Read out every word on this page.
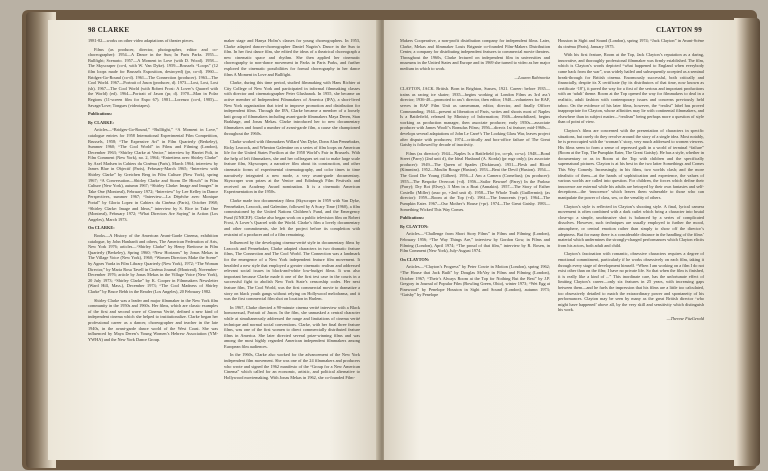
98 CLARKE

1981-82—works on other video adaptations of theater pieces.

Films (as producer, director, photographer, editor and co-choreographer): 1954—A Dance in the Sun; In Paris Parks. 1955—Bullfight; Scenario. 1957—A Moment in Love (with D. Wood). 1958—The Skyscraper (co-d, with W. Van Dyke). 1959—Brussels “Loops” (12 film loops made for Brussels Exposition, destroyed) (pr, co-d). 1960—Bridges-Go-Round (co-d). 1961—The Connection (producer). 1963—The Cool World. 1967—Portrait of Jason (producer, d). 1973—Lost, Lost, Lost (sh). 1967—The Cool World (with Robert Frost: A Lover’s Quarrel with the World) (ed). 1964—Portrait of Jason (pr, d). 1970—Man in Polar Regions (11-screen film for Expo 67). 1981—Lorenzo (co-d, 1985)—Savage/Love; Tongues (videotapes).

Publications:

By CLARKE:

Articles—“Bridges-Go-Round,” “Bullfight,” “A Moment in Love,” catalogue entries for 1958 International Experimental Film Competition, Brussels, 1958; “The Expensive Art” in Film Quarterly (Berkeley), Summer 1960; “The Cool World” in Films and Filming (London), December 1963; “Shirley Clarke at Venice,” interview by Harriet Polt, in Film Comment (New York), no. 2, 1964; “Entretiens avec Shirley Clarke” by Axel Madsen in Cahiers du Cinéma (Paris), March 1964; interview by James Blue in Objectif (Paris), February-March 1965; “Interview with Shirley Clarke” by Gretchen Berg in Film Culture (New York), spring 1967; “A Conversation—Shirley Clarke and Storm De Hirsch” in Film Culture (New York), autumn 1967; “Shirley Clarke: Image and Images” in Take One (Montreal), February 1972; “Interview” by Lee Kelley in Dance Perspectives, summer 1967; “Interview—La Dépêche avec Monique Portal” by Gloria Lopez in Cahiers du Cinéma (Paris), October 1968; “Shirley Clarke: Image and Ideas,” interview by S. Rice in Take One (Montreal), February 1972; “What Directors Are Saying” in Action (Los Angeles), March 1973.

On CLARKE:

Books—A History of the American Avant-Garde Cinema, exhibition catalogue, by John Hanhardt and others, The American Federation of Arts, New York 1976; articles—“Shirley Clarke” by Henry Breitrose in Film Quarterly (Berkeley), Spring 1960; “New Horizons” by Jonas Mekas in The Village Voice (New York), 1960; “Women Directors Make the Scene” by Agnes Varda in Film Library Quarterly (New York), 1972; “The Woman Director,” by Maria Rosa Tavell in Cinéma Journal (Montreal), November-December 1976; article by Jonas Mekas in the Village Voice (New York), 20 July 1973; “Shirley Clarke” by K. Cooper in Filmmakers Newsletter (Ward Hill, Mass.), December 1973; “The Cool Madness of Shirley Clarke” by Bruce Bebb in the Reader (Los Angeles), 20 February 1982.

Shirley Clarke was a leader and major filmmaker in the New York film community in the 1950s and 1960s. Her films, which are classic examples of the first and second wave of Cinema Verité, defined a new kind of independent cinema which she helped to institutionalize. Clarke began her professional career as a dancer, choreographer and teacher in the late 1940s, in the avant-garde dance world of the West Coast. She was influenced by Maya Deren’s Young Women’s Hebrew Association (YM-YWHA) and the New York Dance Group.

maker stage and Hanya Holm’s classes for young choreographers. In 1953, Clarke adapted dancer-choreographer Daniel Nagrin’s Dance in the Sun to film. In her first dance film, she edited the ideas of a theatrical choreograph a new cinematic space and rhythm. She then applied her cinematic choreography to non-dance movement in Parks in Paris Parks, and further explored the cinematic possibilities for formal choreography in her dance films A Moment in Love and Bullfight.

Clarke, during this time period, studied filmmaking with Hans Richter at City College of New York and participated in informal filmmaking classes with director and cinematographer Peter Glushanok. In 1955, she became an active member of Independent Filmmakers of America (IFA), a short-lived New York organization that tried to improve promotion and distribution for independent films. Through the IFA, Clarke became a member of a loosely knit group of filmmakers including avant-garde filmmakers Maya Deren, Stan Brakhage, and Jonas Mekas. Clarke introduced her to new documentary filmmakers and found a number of avant-garde film, a cause she championed throughout the 1960s.

Clarke worked with filmmakers Willard Van Dyke, Donn Alan Pennebaker, Ricky Leacock, and Wheaton Galentine on a series of film loops on American life for the United States Pavilion at the 1958 World’s Fair in Brussels. With the help of left filmmakers, she and her colleagues set out to make large scale feature film, Skyscraper, a narrative film about its construction, and other cinematic forms of experimental cinematography, and color times to time narratively integrated a new mode, a very avant-garde documentary. Skyscraper won prizes at the Venice and Edinburgh Film Festivals and received an Academy Award nomination. It is a cinematic American Experimentation in the 1950s.

Clarke made two documentary films (Skyscraper in 1959 with Van Dyke, Pennebaker, Leacock, and Galentine, followed by A Scary Time (1960), a film commissioned by the United Nations Children’s Fund, and the Emergency Fund (UNICEF). Clarke also began work on a public television film on Robert Frost, A Lover’s Quarrel with the World. Clarke’s film a lovely documentary and other commitments, she left the project before its completion with restraint of a producer and of a film remaining.

Influenced by the developing cinema-verité style in documentary films by Leacock and Pennebaker, Clarke adapted characters in two dramatic feature films, The Connection and The Cool World. The Connection was a landmark for the emergence of a New York independent feature film movement. It heralded a new style that employed a greater cinematic realism and addressed relevant social issues in black-and-white low-budget films. It was also important because Clarke made it one of the first test case in the courts in a successful fight to abolish New York State’s censorship codes. Her next feature film, The Cool World, was the first commercial movie to dramatize a story on black youth gangs without relying on Hollywood melodrama, and it was the first commercial film shot on location in Harlem.

In 1967, Clarke directed a 90-minute cinema verité interview with a Black homosexual, Portrait of Jason. In the film, she unmasked a central character while at simultaneously addressed the range and limitations of cinema verité technique and normal social conventions. Clarke, with her final three feature films, was one of the first women to direct commercially distributed feature films in America. She later directed several prize-winning films and was among the most highly regarded American independent filmmakers among European film audiences.

In the 1960s, Clarke also worked for the advancement of the New York independent film movement. She was one of the 24 filmmakers and producers who wrote and signed the 1962 manifesto of the “Group for a New American Cinema” which called for an economic, artistic, and political alternative to Hollywood moviemaking. With Jonas Mekas in 1962, she co-founded Film-

CLAYTON 99

Makers Cooperative, a non-profit distribution company for independent films. Later, Clarke, Mekas and filmmaker Louis Brigante co-founded Film-Makers Distribution Center, a company for distributing independent features to commercial movie theaters. Throughout the 1960s, Clarke lectured on independent film in universities and museums in the United States and Europe and in 1969 she turned to video as her major medium in which to work.

—Lauren Rabinovitz

CLAYTON, JACK. British. Born in Brighton, Sussex, 1921. Career: before 1935—trains as racing ice skater; 1935—begins working at London Films as 3rd ass’t director; 1936-40—promoted to ass’t director, then editor; 1940—volunteers for RAF, serves in RAF Film Unit as cameraman, editor, director, and finally Officer Commanding; 1944—present at liberation of Paris, writes and shoots most of Naples Is a Battlefield, released by Ministry of Information; 1946—demobilized, begins working as production manager, then associate producer; early 1950s—associate producer with James Woolf’s Romulus Films; 1956—directs 1st feature; mid-1960s—develops several adaptations of John Le Carré’s The Looking Glass War, leaves project after dispute with producers; 1974—critically and box-office failure of The Great Gatsby is followed by decade of inactivity.

Films (as director): 1944—Naples Is a Battlefield (ro, co-ph, co-sc). 1948—Bond Street (Parry) (2nd unit d), the Ideal Husband (A. Korda) (pr mgr only); (as associate producer): 1949—The Queen of Spades (Dickinson). 1951—Flesh and Blood (Kimmins). 1952—Moulin Rouge (Huston). 1953—Beat the Devil (Huston). 1954—The Good Die Young (Gilbert). 1956—I Am a Camera (Cornelius); (as producer): 1955—The Bespoke Overcoat (+d). 1956—Sailor Beware! (Parry) In the Parlour (Parry); Dry Rot (Elvey). 3 Men in a Boat (Annakin). 1957—The Story of Esther Costello (Miller) (asso pr, +2nd unit d). 1958—The Whole Truth (Guillermin); (as director): 1959—Room at the Top (+d). 1961—The Innocents (+pr). 1964—The Pumpkin Eater. 1967—Our Mother’s House (+pr). 1974—The Great Gatsby. 1983—Something Wicked This Way Comes.

Publications:

By CLAYTON:

Articles—“Challenge from Short Story Films” in Films and Filming (London), February 1956; “The Way Things Are,” interview by Gordon Gow, in Films and Filming (London), April 1974; “The proud of that film,” interview by R. Rosen, in Film Comment (New York), July-August 1974.

On CLAYTON:

Articles—“Clayton’s Progress” by Peter Cowie in Motion (London), spring 1962; “The House that Jack Built” by Douglas McVay in Films and Filming (London), October 1967; “Their’s Always Room at the Top for Nothing But the Best” by J.P. Gregory in Journal of Popular Film (Bowling Green, Ohio), winter 1973; “Wet Egg at Pinewood” by Penelope Houston in Sight and Sound (London), autumn 1973; “Gatsby” by Penelope

Houston in Sight and Sound (London), spring 1974; “Jack Clayton” in Avant-Scène du cinéma (Paris), January 1975.

With his first feature, Room at the Top, Jack Clayton’s reputation as a daring, innovative, and thoroughly professional filmmaker was firmly established. The film, which is Clayton’s words depicted “what happened to England when everybody came back from the war”, was widely hailed and subsequently accepted as a seminal break-through for British cinema. Enormously successful, both critically and financially, despite its X certificate (by its distributors of that time, now known as certificate ‘18’), it paved the way for a first of the serious and important productions with an ‘adult’ theme. Room at the Top opened the way for filmmakers to deal in a realistic, adult fashion with contemporary issues and concerns previously held taboo. On the evidence of his later films, however, the “realist” label has proved inappropriate for Clayton, whose affinities may lie with continental filmmakers, and elsewhere than in subject matter—“realism” being perhaps more a question of style than of point of view.

Clayton’s films are concerned with the presentation of characters in specific situations, but rarely do they revolve around the story of a single idea. Most notably, he is preoccupied with the ‘woman’s’ story, very much addressed to women viewers. His films seem to form a sense of repressed guilt in a world of terminal “failure” (Room at the Top, The Pumpkin Eater, The Great Gatsby). He has a style, whether in documentary or as in Room at the Top with children and the specifically supernatural pictures. Clayton is at his best in the two latter Somethings and Comes This Way Comedy. Increasingly, in his films, two worlds clash; and the more idealistic of them—at the hands of sophistication and experience, the values of various worlds are called into question. For children, the forces which define their innocence are external while his adults are betrayed by their own fantasies and self-deceptions—the ‘innocence’ which leaves them vulnerable to those who can manipulate the power of class, sex, or the venality of others.

Clayton’s style is reflected in Clayton’s shooting style. A final, lyrical camera movement is often combined with a dark cutlet which bring a character into brutal close-up: a simple, unobtrusive shot is balanced by a series of complicated dissolves. However, such techniques are usually employed to further the mood, atmosphere, or central emotion rather than simply to show off the director’s adeptness. But for many there is a considerable distance in the handling of the films’ material which undermines the strongly-charged performances which Clayton elicits from his actors, both adult and child.

Clayton’s fascination with romantic, obsessive characters requires a degree of emotional commitment, particularly if he works obsessively on each film, taking it through every stage of development himself. “When I am working on a film I do not exist other than on the film; I have no private life. So that when the film is finished, it is really like a kind of ...” This inordinate care, has the unfortunate effect of limiting Clayton’s career—only six features in 25 years, with increasing gaps between them—and he fuels the impression that his films are a little too calculated, too obsessively detailed to match the extraordinary power and spontaneity of his performances. Clayton may be seen by many as the great British director ‘who might have happened’ above all, by the very skill and sensitivity which distinguish his work.

—Therese FitzGerald
